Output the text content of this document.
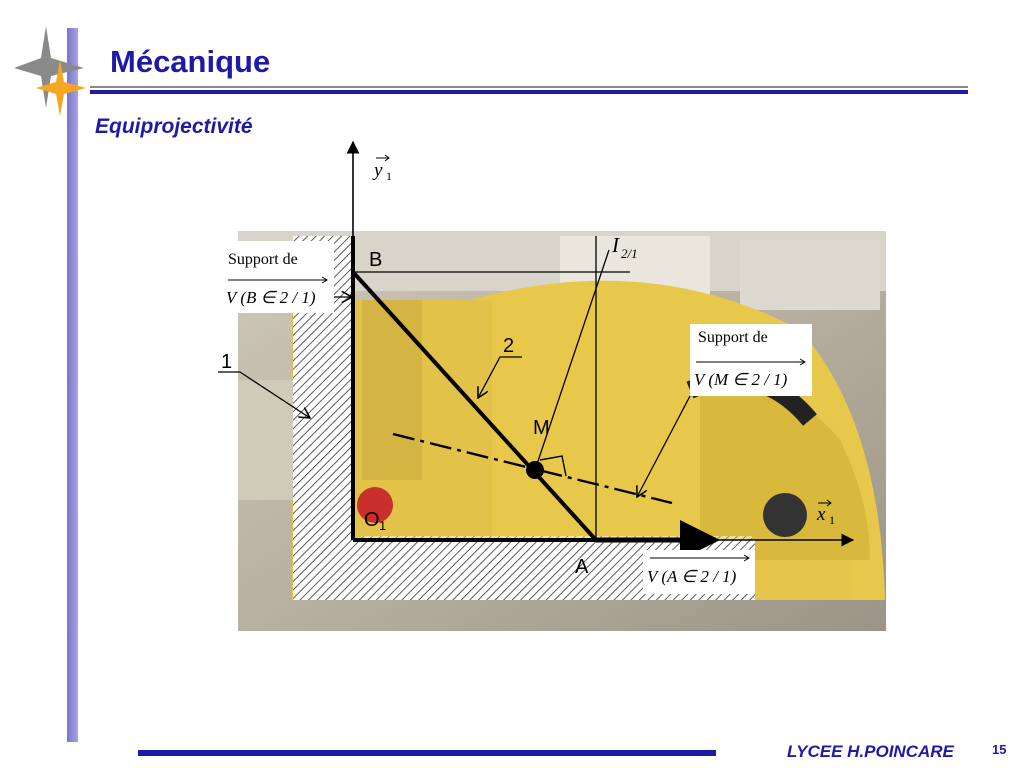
Mécanique
Equiprojectivité
y 1
x 1
B
A
M
O 1
I 2/1
1
2
Support de
V (B ∈ 2 / 1)
Support de
V (M ∈ 2 / 1)
V (A ∈ 2 / 1)
LYCEE H.POINCARE	15
